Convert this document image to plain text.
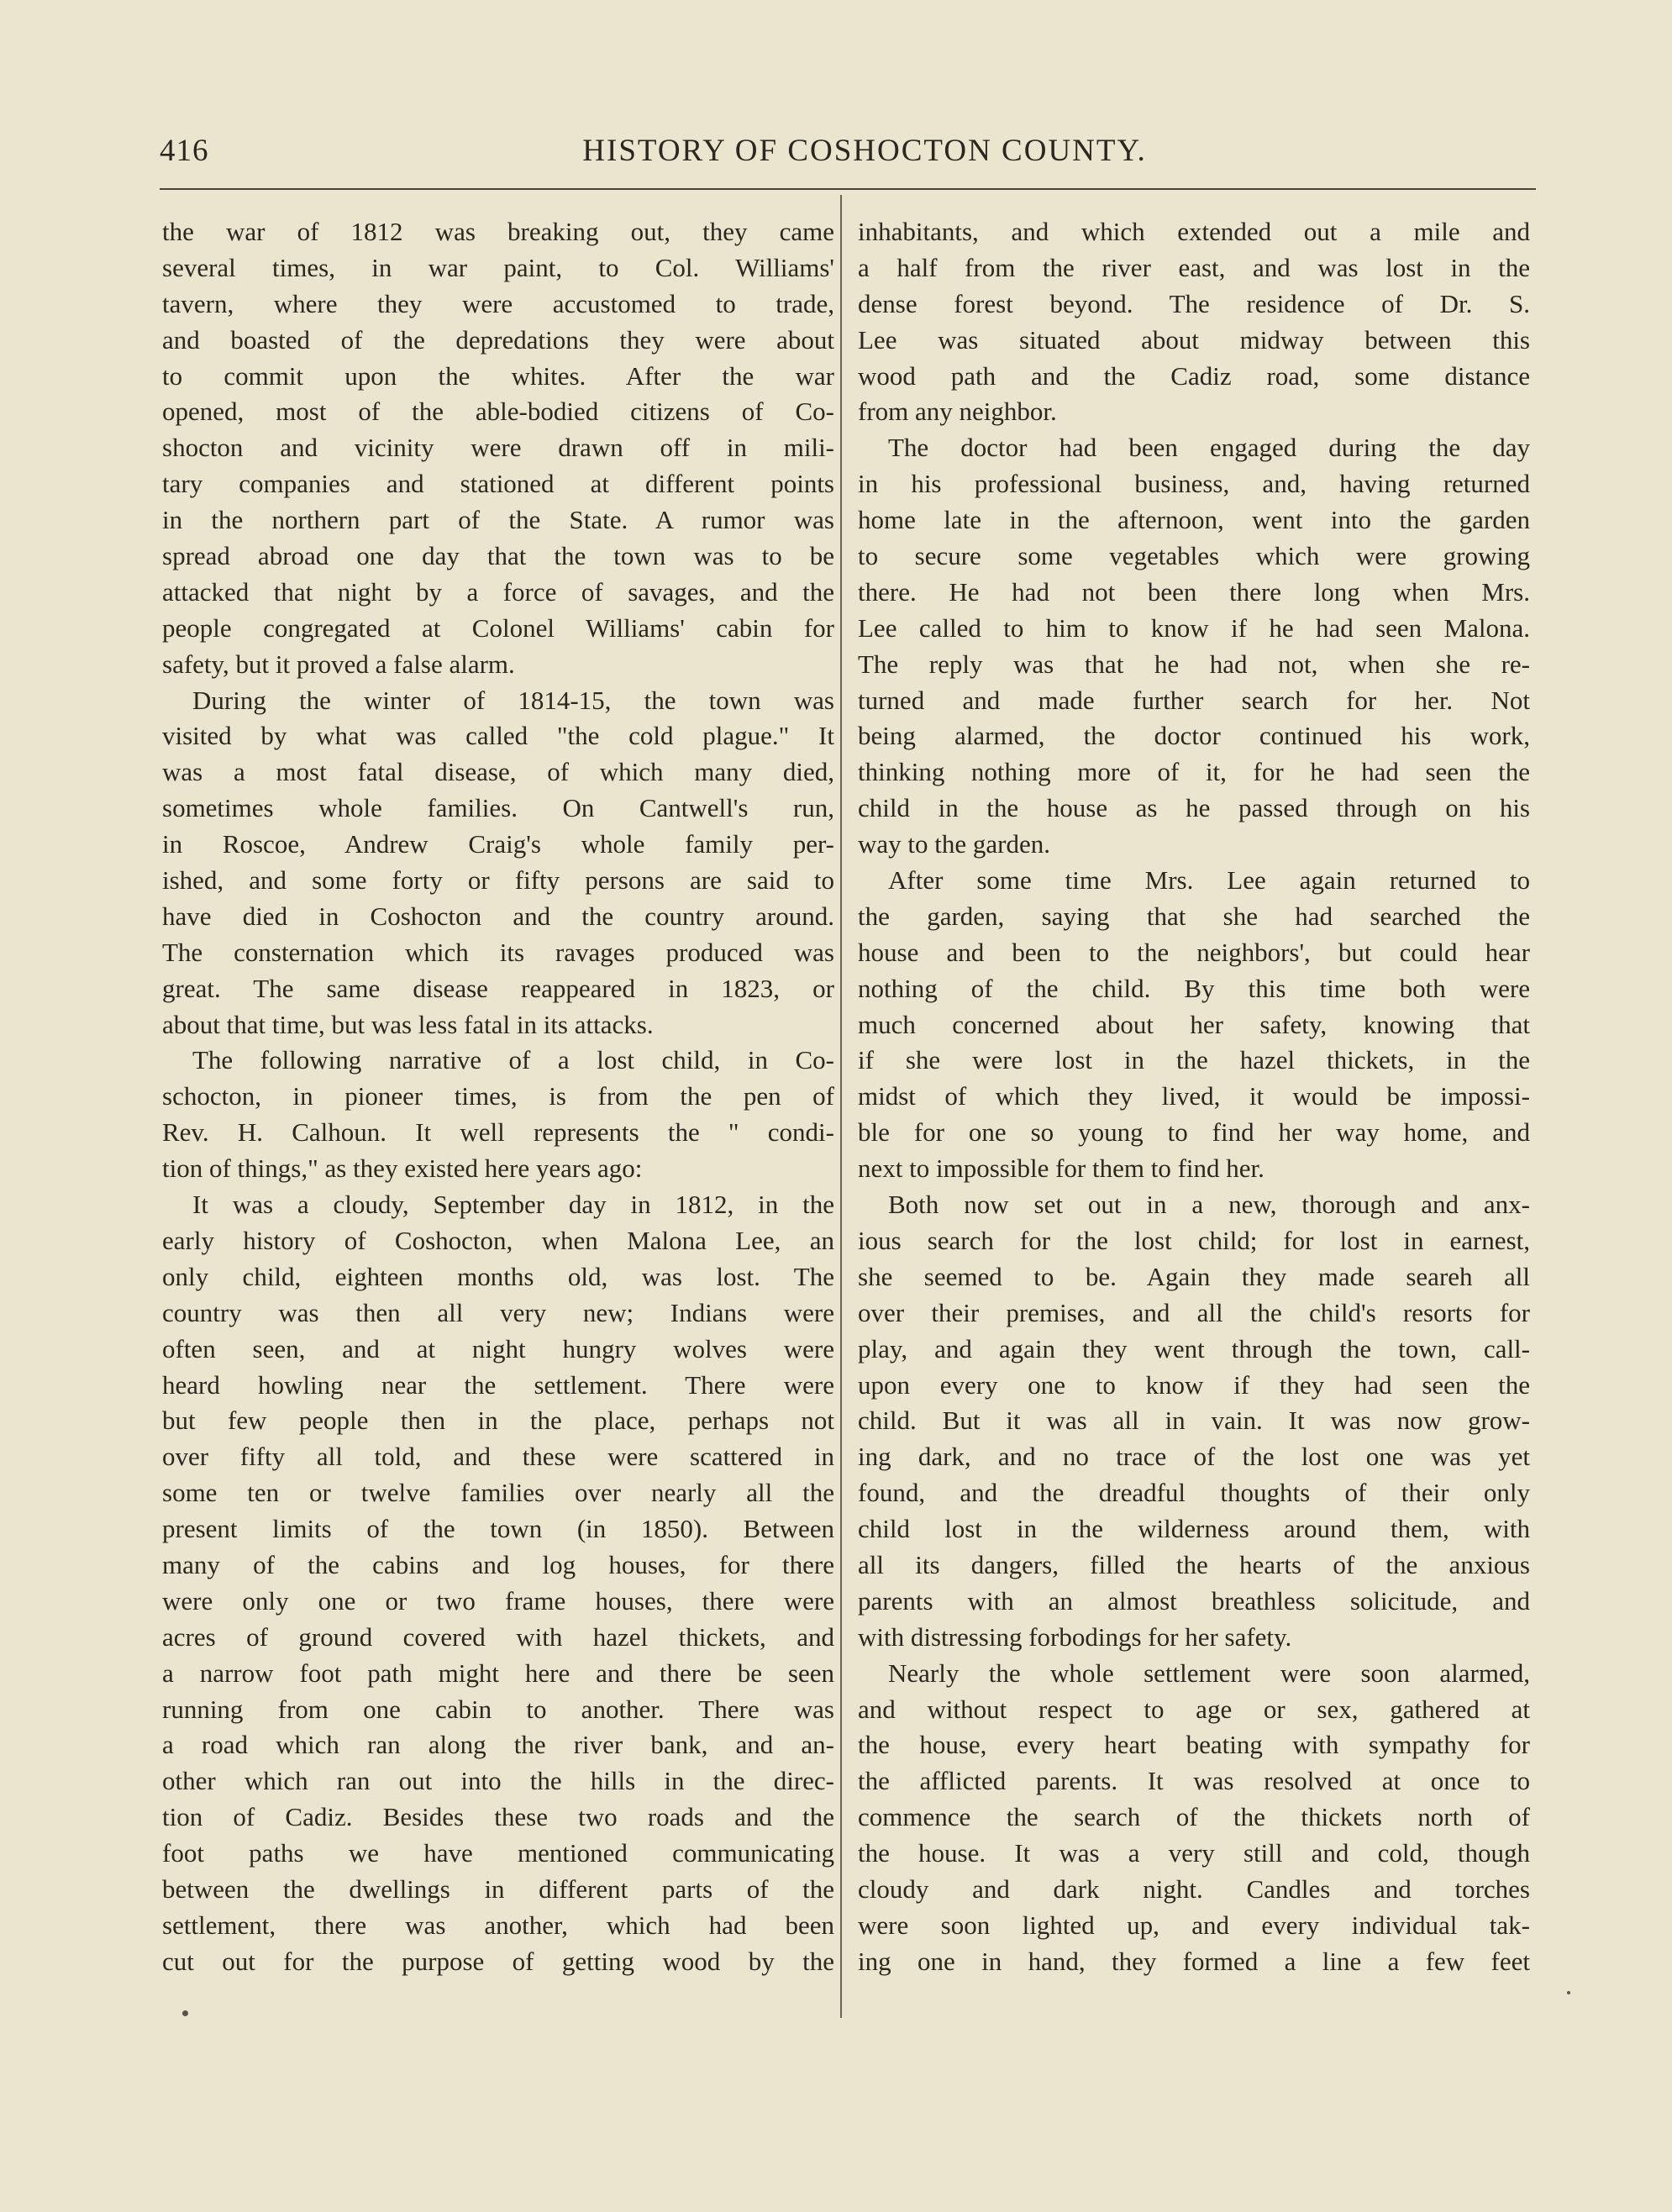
416	HISTORY OF COSHOCTON COUNTY.
the war of 1812 was breaking out, they came
several times, in war paint, to Col. Williams'
tavern, where they were accustomed to trade,
and boasted of the depredations they were about
to commit upon the whites. After the war
opened, most of the able-bodied citizens of Co-
shocton and vicinity were drawn off in mili-
tary companies and stationed at different points
in the northern part of the State. A rumor was
spread abroad one day that the town was to be
attacked that night by a force of savages, and the
people congregated at Colonel Williams' cabin for
safety, but it proved a false alarm.
During the winter of 1814-15, the town was
visited by what was called "the cold plague." It
was a most fatal disease, of which many died,
sometimes whole families. On Cantwell's run,
in Roscoe, Andrew Craig's whole family per-
ished, and some forty or fifty persons are said to
have died in Coshocton and the country around.
The consternation which its ravages produced was
great. The same disease reappeared in 1823, or
about that time, but was less fatal in its attacks.
The following narrative of a lost child, in Co-
schocton, in pioneer times, is from the pen of
Rev. H. Calhoun. It well represents the " condi-
tion of things," as they existed here years ago:
It was a cloudy, September day in 1812, in the
early history of Coshocton, when Malona Lee, an
only child, eighteen months old, was lost. The
country was then all very new; Indians were
often seen, and at night hungry wolves were
heard howling near the settlement. There were
but few people then in the place, perhaps not
over fifty all told, and these were scattered in
some ten or twelve families over nearly all the
present limits of the town (in 1850). Between
many of the cabins and log houses, for there
were only one or two frame houses, there were
acres of ground covered with hazel thickets, and
a narrow foot path might here and there be seen
running from one cabin to another. There was
a road which ran along the river bank, and an-
other which ran out into the hills in the direc-
tion of Cadiz. Besides these two roads and the
foot paths we have mentioned communicating
between the dwellings in different parts of the
settlement, there was another, which had been
cut out for the purpose of getting wood by the
inhabitants, and which extended out a mile and
a half from the river east, and was lost in the
dense forest beyond. The residence of Dr. S.
Lee was situated about midway between this
wood path and the Cadiz road, some distance
from any neighbor.
The doctor had been engaged during the day
in his professional business, and, having returned
home late in the afternoon, went into the garden
to secure some vegetables which were growing
there. He had not been there long when Mrs.
Lee called to him to know if he had seen Malona.
The reply was that he had not, when she re-
turned and made further search for her. Not
being alarmed, the doctor continued his work,
thinking nothing more of it, for he had seen the
child in the house as he passed through on his
way to the garden.
After some time Mrs. Lee again returned to
the garden, saying that she had searched the
house and been to the neighbors', but could hear
nothing of the child. By this time both were
much concerned about her safety, knowing that
if she were lost in the hazel thickets, in the
midst of which they lived, it would be impossi-
ble for one so young to find her way home, and
next to impossible for them to find her.
Both now set out in a new, thorough and anx-
ious search for the lost child; for lost in earnest,
she seemed to be. Again they made seareh all
over their premises, and all the child's resorts for
play, and again they went through the town, call-
upon every one to know if they had seen the
child. But it was all in vain. It was now grow-
ing dark, and no trace of the lost one was yet
found, and the dreadful thoughts of their only
child lost in the wilderness around them, with
all its dangers, filled the hearts of the anxious
parents with an almost breathless solicitude, and
with distressing forbodings for her safety.
Nearly the whole settlement were soon alarmed,
and without respect to age or sex, gathered at
the house, every heart beating with sympathy for
the afflicted parents. It was resolved at once to
commence the search of the thickets north of
the house. It was a very still and cold, though
cloudy and dark night. Candles and torches
were soon lighted up, and every individual tak-
ing one in hand, they formed a line a few feet
